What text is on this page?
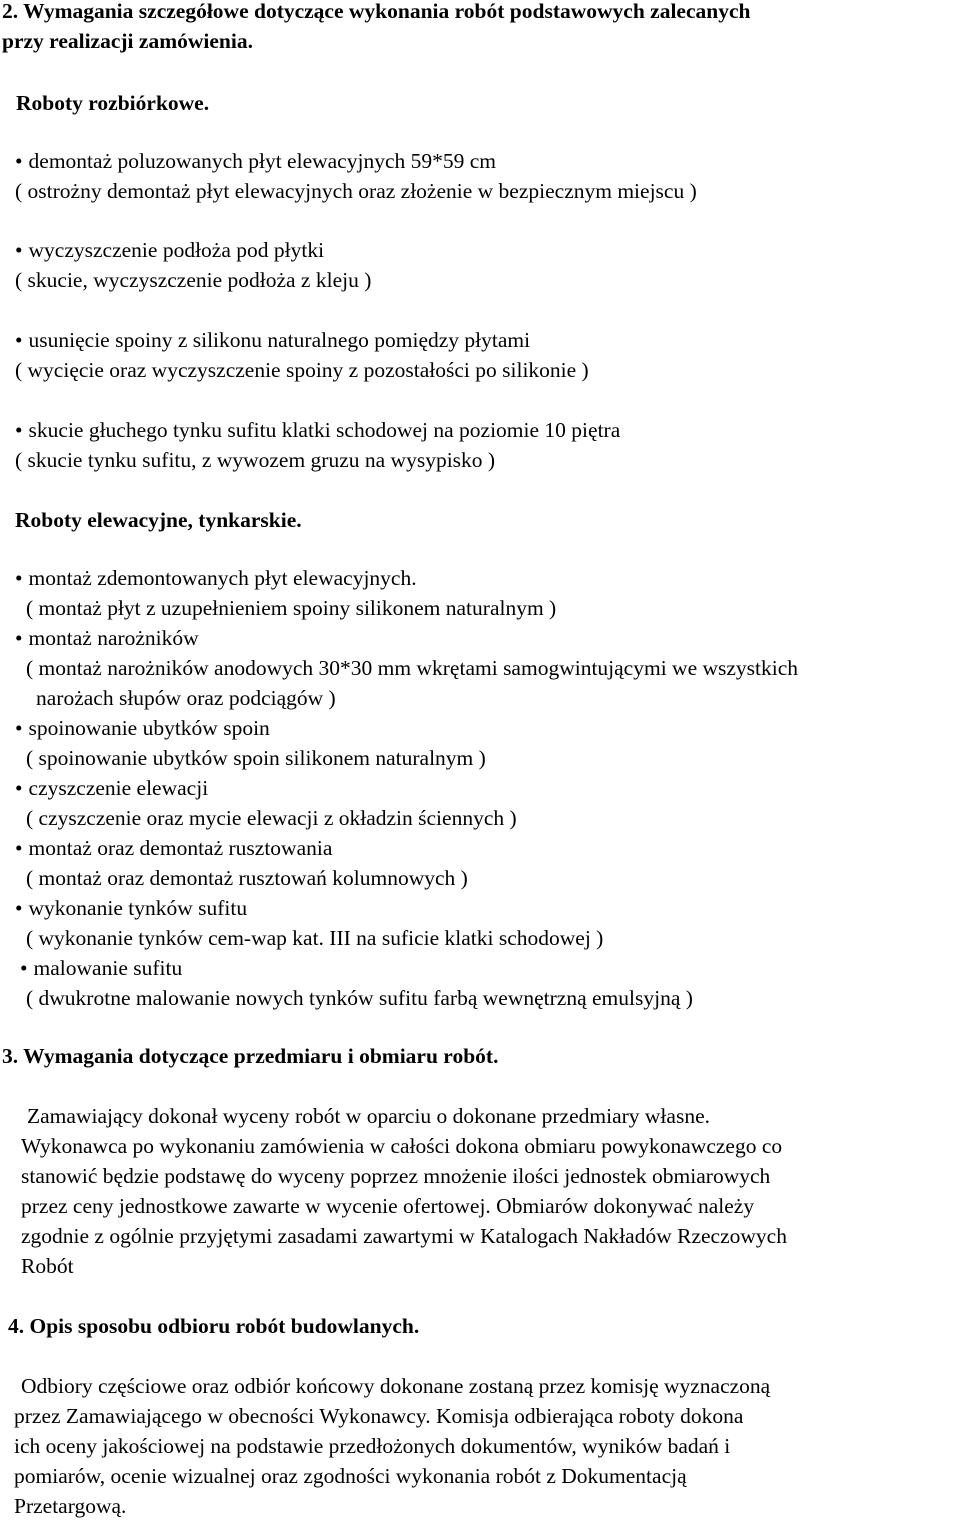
2. Wymagania szczegółowe dotyczące wykonania robót podstawowych zalecanych
przy realizacji zamówienia.
Roboty rozbiórkowe.
• demontaż poluzowanych płyt elewacyjnych 59*59 cm
( ostrożny demontaż płyt elewacyjnych oraz złożenie w bezpiecznym miejscu )
• wyczyszczenie podłoża pod płytki
( skucie, wyczyszczenie podłoża z kleju )
• usunięcie spoiny z silikonu naturalnego pomiędzy płytami
( wycięcie oraz wyczyszczenie spoiny z pozostałości po silikonie )
• skucie głuchego tynku sufitu klatki schodowej na poziomie 10 piętra
( skucie tynku sufitu, z wywozem gruzu na wysypisko )
Roboty elewacyjne, tynkarskie.
• montaż zdemontowanych płyt elewacyjnych.
( montaż płyt z uzupełnieniem spoiny silikonem naturalnym )
• montaż narożników
( montaż narożników anodowych 30*30 mm wkrętami samogwintującymi we wszystkich
narożach słupów oraz podciągów )
• spoinowanie ubytków spoin
( spoinowanie ubytków spoin silikonem naturalnym )
• czyszczenie elewacji
( czyszczenie oraz mycie elewacji z okładzin ściennych )
• montaż oraz demontaż rusztowania
( montaż oraz demontaż rusztowań kolumnowych )
• wykonanie tynków sufitu
( wykonanie tynków cem-wap kat. III na suficie klatki schodowej )
• malowanie sufitu
( dwukrotne malowanie nowych tynków sufitu farbą wewnętrzną emulsyjną )
3. Wymagania dotyczące przedmiaru i obmiaru robót.
Zamawiający dokonał wyceny robót w oparciu o dokonane przedmiary własne.
Wykonawca po wykonaniu zamówienia w całości dokona obmiaru powykonawczego co
stanowić będzie podstawę do wyceny poprzez mnożenie ilości jednostek obmiarowych
przez ceny jednostkowe zawarte w wycenie ofertowej. Obmiarów dokonywać należy
zgodnie z ogólnie przyjętymi zasadami zawartymi w Katalogach Nakładów Rzeczowych
Robót
4. Opis sposobu odbioru robót budowlanych.
Odbiory częściowe oraz odbiór końcowy dokonane zostaną przez komisję wyznaczoną
przez Zamawiającego w obecności Wykonawcy. Komisja odbierająca roboty dokona
ich oceny jakościowej na podstawie przedłożonych dokumentów, wyników badań i
pomiarów, ocenie wizualnej oraz zgodności wykonania robót z Dokumentacją
Przetargową.
